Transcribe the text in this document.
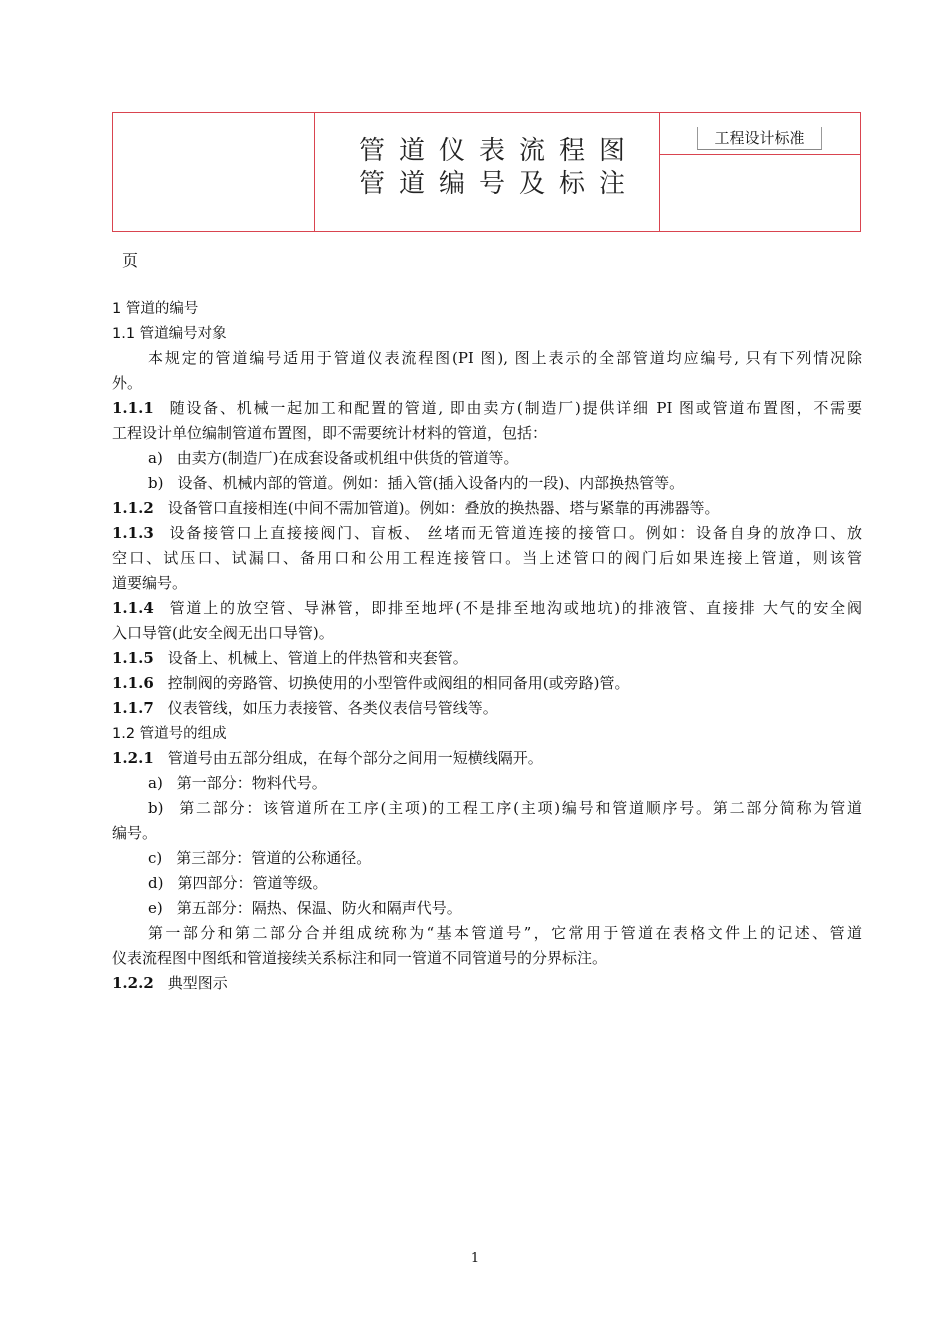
管道仪表流程图
管道编号及标注
工程设计标准
页
1 管道的编号
1.1 管道编号对象
本规定的管道编号适用于管道仪表流程图(PI 图), 图上表示的全部管道均应编号, 只有下列情况除
外。
1.1.1 随设备、机械一起加工和配置的管道, 即由卖方(制造厂)提供详细 PI 图或管道布置图，不需要
工程设计单位编制管道布置图，即不需要统计材料的管道，包括：
a) 由卖方(制造厂)在成套设备或机组中供货的管道等。
b) 设备、机械内部的管道。例如：插入管(插入设备内的一段)、内部换热管等。
1.1.2 设备管口直接相连(中间不需加管道)。例如：叠放的换热器、塔与紧靠的再沸器等。
1.1.3 设备接管口上直接接阀门、盲板、 丝堵而无管道连接的接管口。例如：设备自身的放净口、放
空口、试压口、试漏口、备用口和公用工程连接管口。当上述管口的阀门后如果连接上管道，则该管
道要编号。
1.1.4 管道上的放空管、导淋管，即排至地坪(不是排至地沟或地坑)的排液管、直接排 大气的安全阀
入口导管(此安全阀无出口导管)。
1.1.5 设备上、机械上、管道上的伴热管和夹套管。
1.1.6 控制阀的旁路管、切换使用的小型管件或阀组的相同备用(或旁路)管。
1.1.7 仪表管线，如压力表接管、各类仪表信号管线等。
1.2 管道号的组成
1.2.1 管道号由五部分组成，在每个部分之间用一短横线隔开。
a) 第一部分：物料代号。
b) 第二部分：该管道所在工序(主项)的工程工序(主项)编号和管道顺序号。第二部分简称为管道
编号。
c) 第三部分：管道的公称通径。
d) 第四部分：管道等级。
e) 第五部分：隔热、保温、防火和隔声代号。
第一部分和第二部分合并组成统称为“基本管道号”，它常用于管道在表格文件上的记述、管道
仪表流程图中图纸和管道接续关系标注和同一管道不同管道号的分界标注。
1.2.2 典型图示
1
